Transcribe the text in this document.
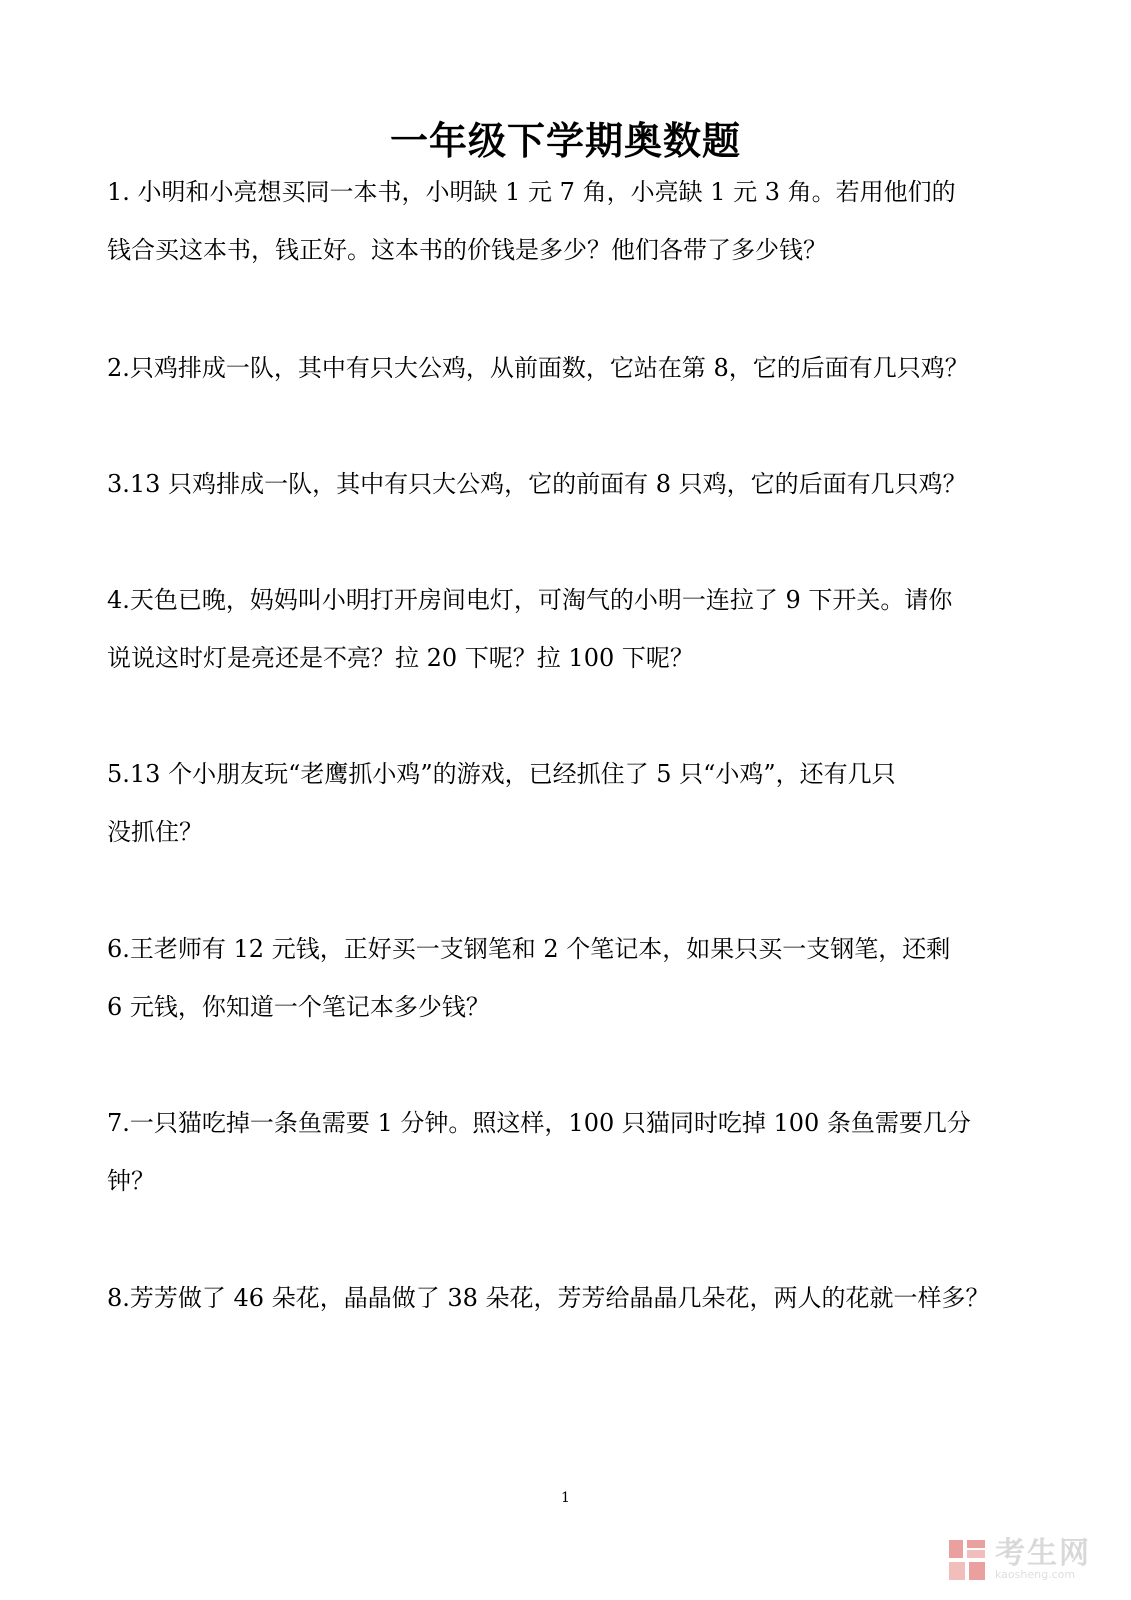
一年级下学期奥数题

1. 小明和小亮想买同一本书，小明缺 1 元 7 角，小亮缺 1 元 3 角。若用他们的
钱合买这本书，钱正好。这本书的价钱是多少？他们各带了多少钱？

2.只鸡排成一队，其中有只大公鸡，从前面数，它站在第 8，它的后面有几只鸡？

3.13 只鸡排成一队，其中有只大公鸡，它的前面有 8 只鸡，它的后面有几只鸡？

4.天色已晚，妈妈叫小明打开房间电灯，可淘气的小明一连拉了 9 下开关。请你
说说这时灯是亮还是不亮？拉 20 下呢？拉 100 下呢？

5.13 个小朋友玩“老鹰抓小鸡”的游戏，已经抓住了 5 只“小鸡”，还有几只
没抓住？

6.王老师有 12 元钱，正好买一支钢笔和 2 个笔记本，如果只买一支钢笔，还剩
6 元钱，你知道一个笔记本多少钱？

7.一只猫吃掉一条鱼需要 1 分钟。照这样，100 只猫同时吃掉 100 条鱼需要几分
钟？

8.芳芳做了 46 朵花，晶晶做了 38 朵花，芳芳给晶晶几朵花，两人的花就一样多？

1
考生网
kaosheng.com
